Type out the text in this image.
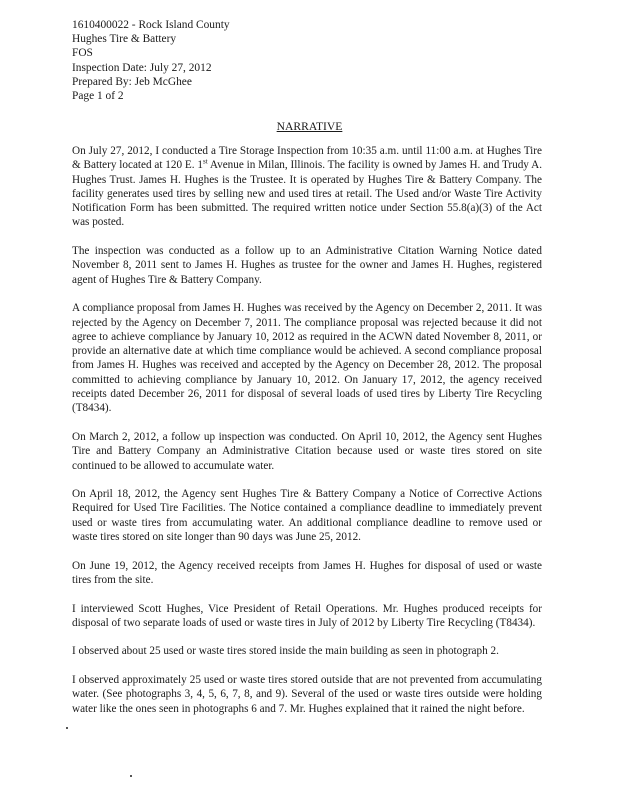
1610400022 - Rock Island County
Hughes Tire & Battery
FOS
Inspection Date: July 27, 2012
Prepared By: Jeb McGhee
Page 1 of 2
NARRATIVE

On July 27, 2012, I conducted a Tire Storage Inspection from 10:35 a.m. until 11:00 a.m. at Hughes Tire & Battery located at 120 E. 1st Avenue in Milan, Illinois. The facility is owned by James H. and Trudy A. Hughes Trust. James H. Hughes is the Trustee. It is operated by Hughes Tire & Battery Company. The facility generates used tires by selling new and used tires at retail. The Used and/or Waste Tire Activity Notification Form has been submitted. The required written notice under Section 55.8(a)(3) of the Act was posted.

The inspection was conducted as a follow up to an Administrative Citation Warning Notice dated November 8, 2011 sent to James H. Hughes as trustee for the owner and James H. Hughes, registered agent of Hughes Tire & Battery Company.

A compliance proposal from James H. Hughes was received by the Agency on December 2, 2011. It was rejected by the Agency on December 7, 2011. The compliance proposal was rejected because it did not agree to achieve compliance by January 10, 2012 as required in the ACWN dated November 8, 2011, or provide an alternative date at which time compliance would be achieved. A second compliance proposal from James H. Hughes was received and accepted by the Agency on December 28, 2012. The proposal committed to achieving compliance by January 10, 2012. On January 17, 2012, the agency received receipts dated December 26, 2011 for disposal of several loads of used tires by Liberty Tire Recycling (T8434).

On March 2, 2012, a follow up inspection was conducted. On April 10, 2012, the Agency sent Hughes Tire and Battery Company an Administrative Citation because used or waste tires stored on site continued to be allowed to accumulate water.

On April 18, 2012, the Agency sent Hughes Tire & Battery Company a Notice of Corrective Actions Required for Used Tire Facilities. The Notice contained a compliance deadline to immediately prevent used or waste tires from accumulating water. An additional compliance deadline to remove used or waste tires stored on site longer than 90 days was June 25, 2012.

On June 19, 2012, the Agency received receipts from James H. Hughes for disposal of used or waste tires from the site.

I interviewed Scott Hughes, Vice President of Retail Operations. Mr. Hughes produced receipts for disposal of two separate loads of used or waste tires in July of 2012 by Liberty Tire Recycling (T8434).

I observed about 25 used or waste tires stored inside the main building as seen in photograph 2.

I observed approximately 25 used or waste tires stored outside that are not prevented from accumulating water. (See photographs 3, 4, 5, 6, 7, 8, and 9). Several of the used or waste tires outside were holding water like the ones seen in photographs 6 and 7. Mr. Hughes explained that it rained the night before.
